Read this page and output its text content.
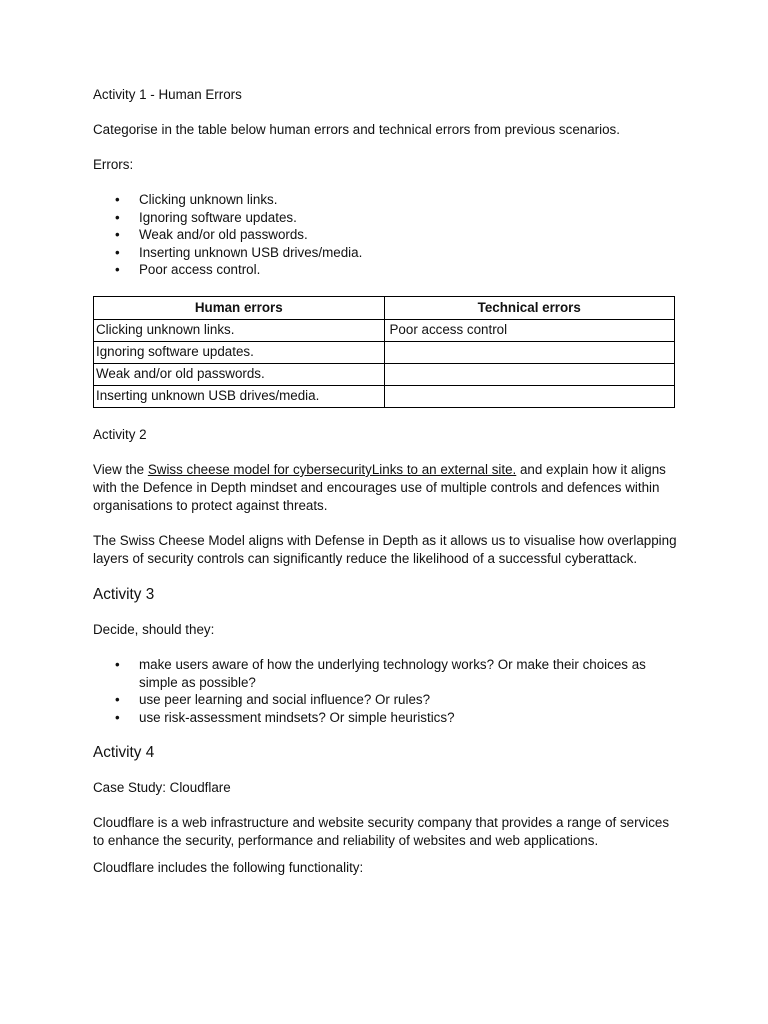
Activity 1 - Human Errors

Categorise in the table below human errors and technical errors from previous scenarios.

Errors:

• Clicking unknown links.
• Ignoring software updates.
• Weak and/or old passwords.
• Inserting unknown USB drives/media.
• Poor access control.
Human errors	Technical errors
Clicking unknown links.	Poor access control
Ignoring software updates.	
Weak and/or old passwords.	
Inserting unknown USB drives/media.	

Activity 2

View the Swiss cheese model for cybersecurityLinks to an external site. and explain how it aligns with the Defence in Depth mindset and encourages use of multiple controls and defences within organisations to protect against threats.

The Swiss Cheese Model aligns with Defense in Depth as it allows us to visualise how overlapping layers of security controls can significantly reduce the likelihood of a successful cyberattack.

Activity 3

Decide, should they:

• make users aware of how the underlying technology works? Or make their choices as simple as possible?
• use peer learning and social influence? Or rules?
• use risk-assessment mindsets? Or simple heuristics?

Activity 4

Case Study: Cloudflare

Cloudflare is a web infrastructure and website security company that provides a range of services to enhance the security, performance and reliability of websites and web applications.

Cloudflare includes the following functionality:
